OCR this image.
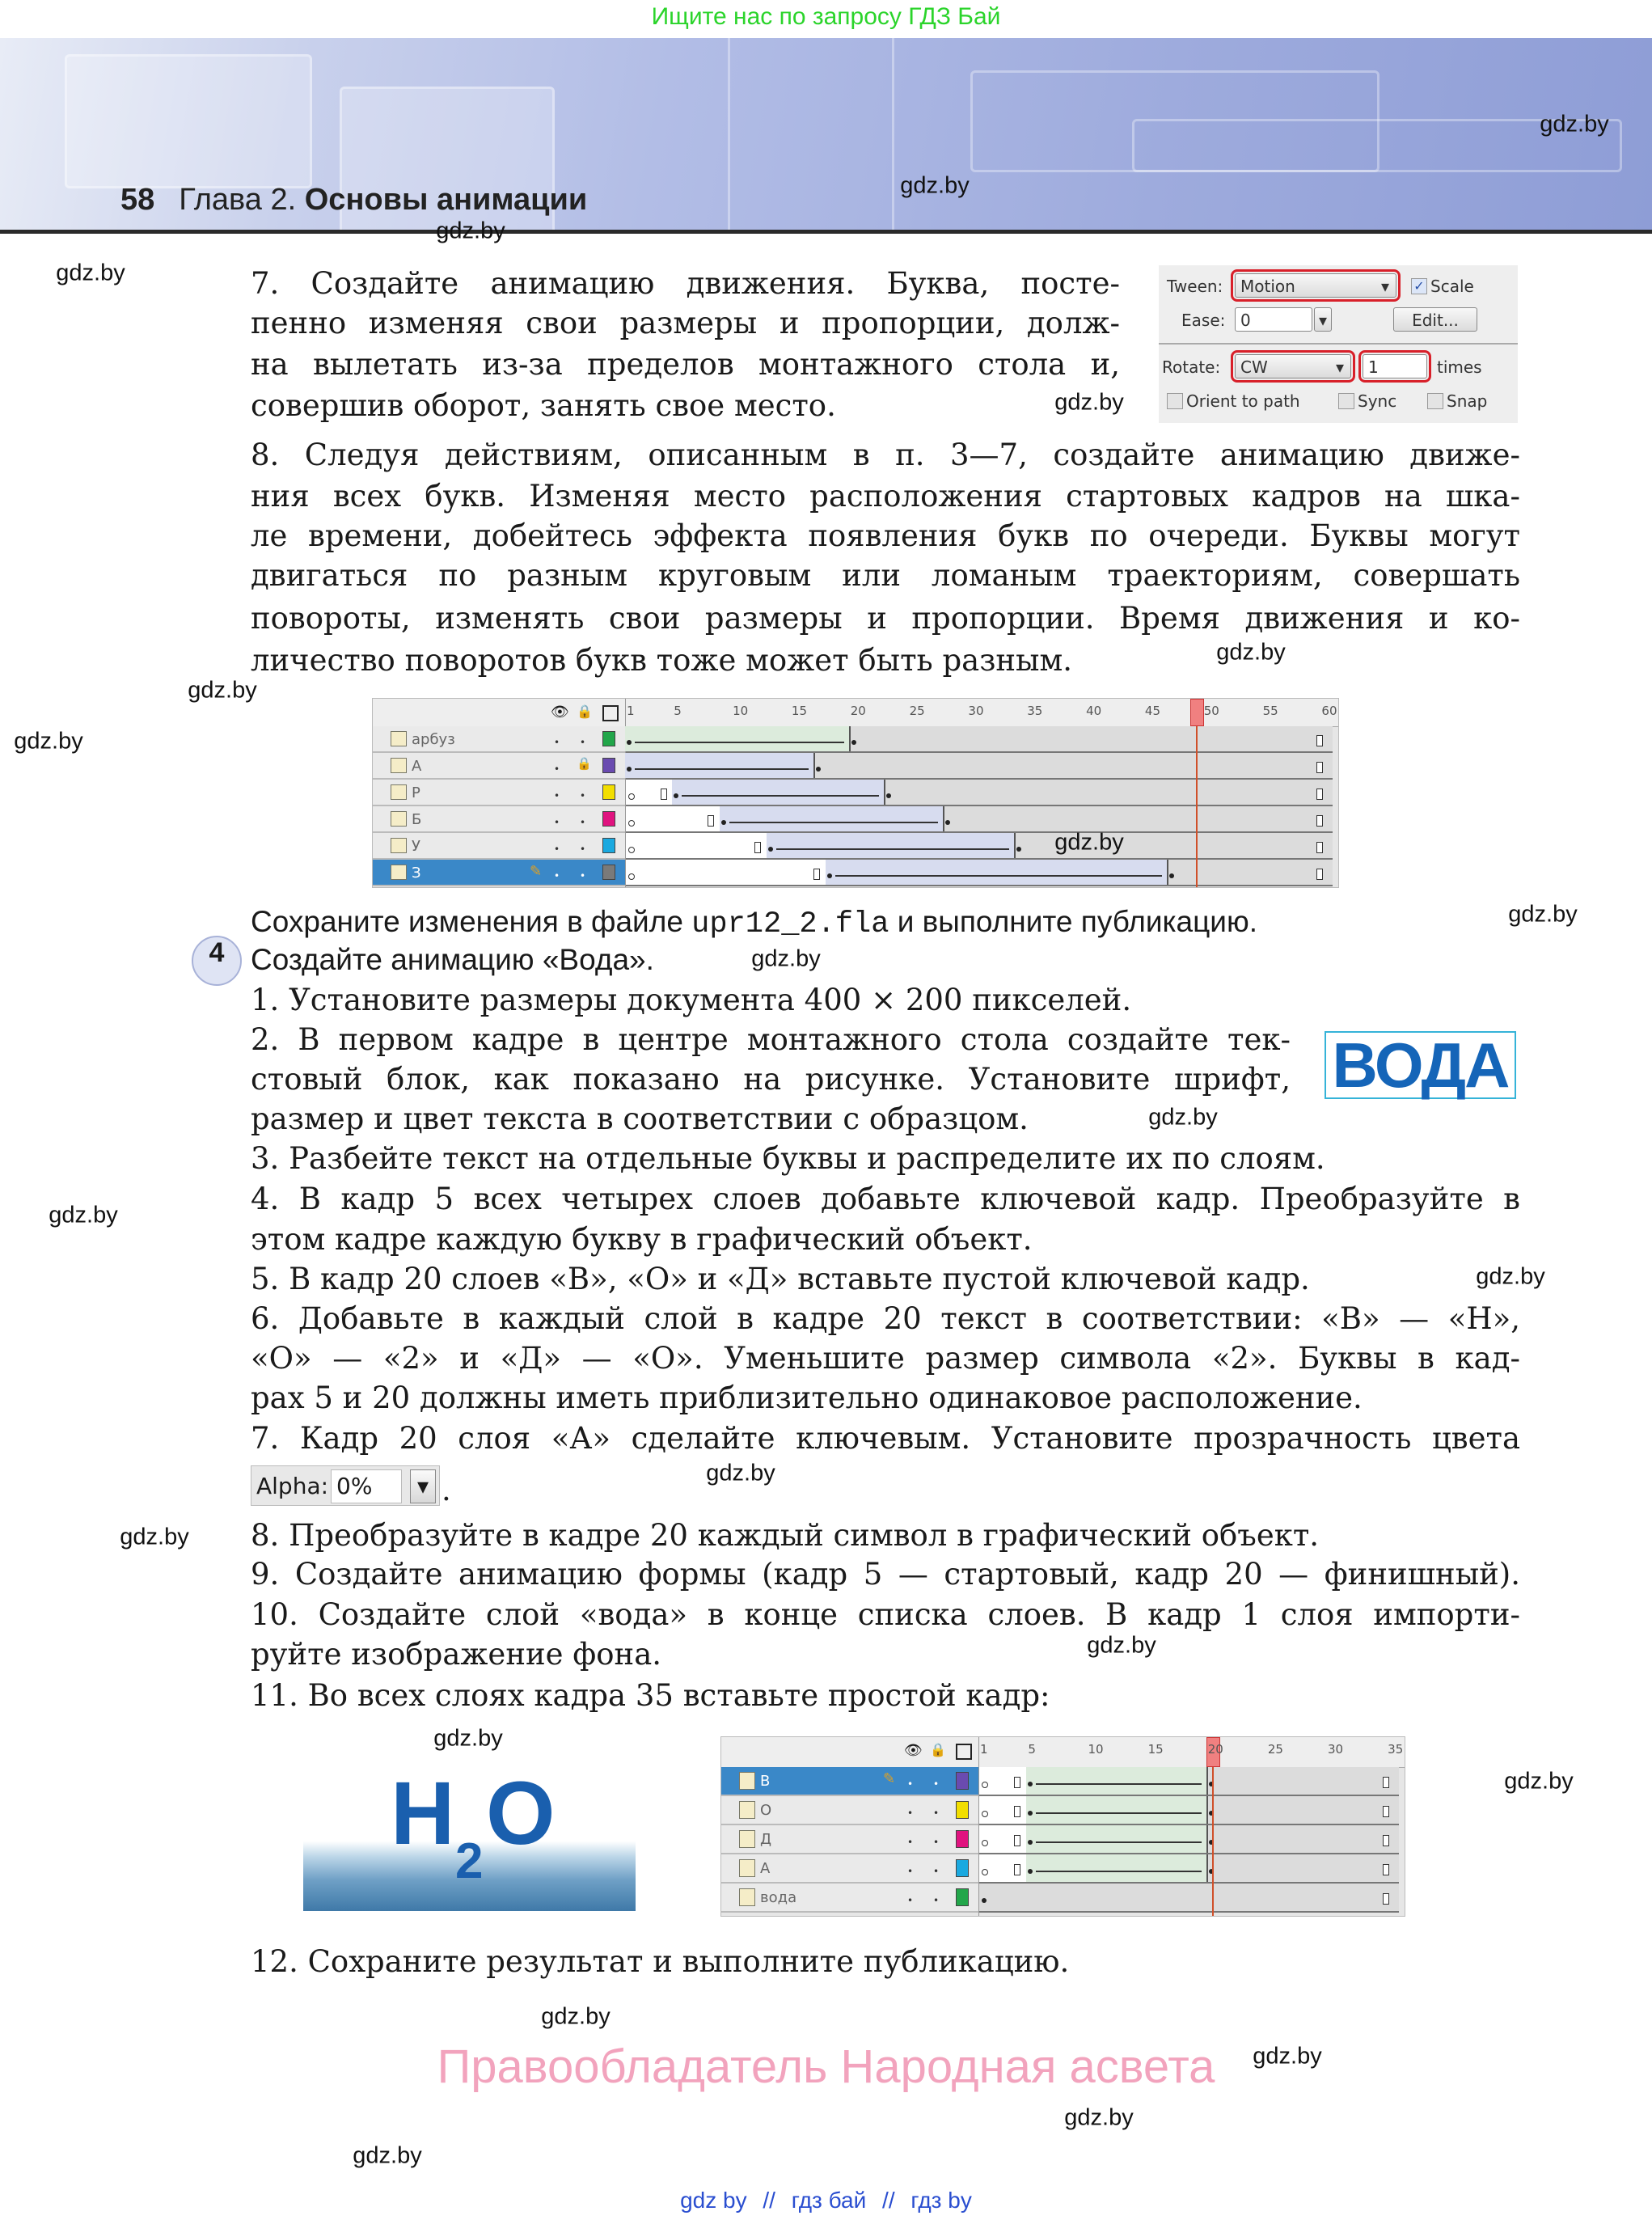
Ищите нас по запросу ГДЗ Бай
58 Глава 2. Основы анимации
7. Создайте анимацию движения. Буква, посте-
пенно изменяя свои размеры и пропорции, долж-
на вылетать из-за пределов монтажного стола и,
совершив оборот, занять свое место.
Tween:	Motion	▾ ✓ Scale
Ease: 0	▾	Edit...
Rotate:	CW	▾	1	times
Orient to path	Sync	Snap
8. Следуя действиям, описанным в п. 3—7, создайте анимацию движе-
ния всех букв. Изменяя место расположения стартовых кадров на шка-
ле времени, добейтесь эффекта появления букв по очереди. Буквы могут
двигаться по разным круговым или ломаным траекториям, совершать
повороты, изменять свои размеры и пропорции. Время движения и ко-
личество поворотов букв тоже может быть разным.
👁 🔒	1	5	10	15	20	25	30	35	40	45	50	55	60
арбуз	• •
А	• 🔒
Р	• •
Б	• •
У	• •
З	✎ • •
Сохраните изменения в файле upr12_2.fla и выполните публикацию.
4 Создайте анимацию «Вода».
1. Установите размеры документа 400 × 200 пикселей.
2. В первом кадре в центре монтажного стола создайте тек-
стовый блок, как показано на рисунке. Установите шрифт,
размер и цвет текста в соответствии с образцом.
ВОДА
3. Разбейте текст на отдельные буквы и распределите их по слоям.
4. В кадр 5 всех четырех слоев добавьте ключевой кадр. Преобразуйте в
этом кадре каждую букву в графический объект.
5. В кадр 20 слоев «В», «О» и «Д» вставьте пустой ключевой кадр.
6. Добавьте в каждый слой в кадре 20 текст в соответствии: «В» — «Н»,
«О» — «2» и «Д» — «О». Уменьшите размер символа «2». Буквы в кад-
рах 5 и 20 должны иметь приблизительно одинаковое расположение.
7. Кадр 20 слоя «А» сделайте ключевым. Установите прозрачность цвета
Alpha: 0%	▾ .
8. Преобразуйте в кадре 20 каждый символ в графический объект.
9. Создайте анимацию формы (кадр 5 — стартовый, кадр 20 — финишный).
10. Создайте слой «вода» в конце списка слоев. В кадр 1 слоя импорти-
руйте изображение фона.
11. Во всех слоях кадра 35 вставьте простой кадр:
H 2 O
👁 🔒	1	5	10	15	20	25	30	35
В	✎ • •
О	• •
Д	• •
А	• •
вода	• •
12. Сохраните результат и выполните публикацию.
Правообладатель Народная асвета
gdz by // гдз бай // гдз by
gdz.by
gdz.by
gdz.by
gdz.by
gdz.by
gdz.by
gdz.by
gdz.by
gdz.by
gdz.by
gdz.by
gdz.by
gdz.by
gdz.by
gdz.by
gdz.by
gdz.by
gdz.by
gdz.by
gdz.by
gdz.by
gdz.by
gdz.by
